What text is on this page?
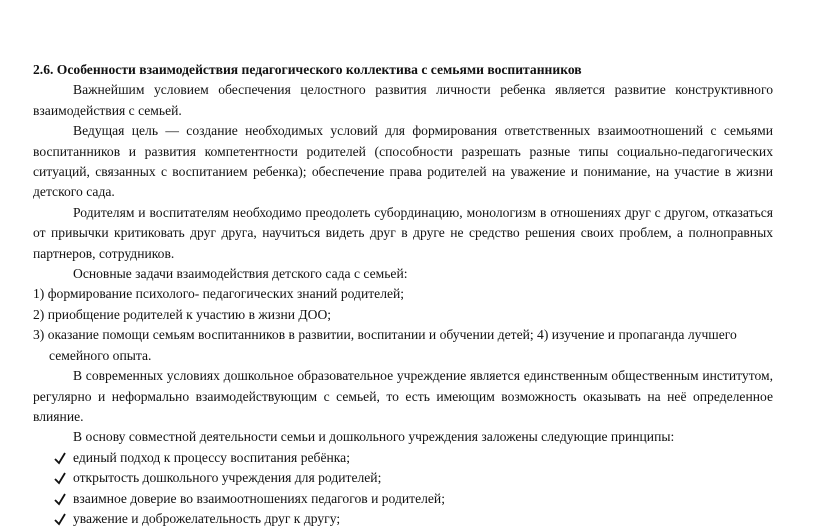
2.6. Особенности взаимодействия педагогического коллектива с семьями воспитанников

Важнейшим условием обеспечения целостного развития личности ребенка является развитие конструктивного взаимодействия с семьей.

Ведущая цель — создание необходимых условий для формирования ответственных взаимоотношений с семьями воспитанников и развития компетентности родителей (способности разрешать разные типы социально-педагогических ситуаций, связанных с воспитанием ребенка); обеспечение права родителей на уважение и понимание, на участие в жизни детского сада.

Родителям и воспитателям необходимо преодолеть субординацию, монологизм в отношениях друг с другом, отказаться от привычки критиковать друг друга, научиться видеть друг в друге не средство решения своих проблем, а полноправных партнеров, сотрудников.

Основные задачи взаимодействия детского сада с семьей:

1) формирование психолого- педагогических знаний родителей;
2) приобщение родителей к участию в жизни ДОО;
3) оказание помощи семьям воспитанников в развитии, воспитании и обучении детей; 4) изучение и пропаганда лучшего семейного опыта.

В современных условиях дошкольное образовательное учреждение является единственным общественным институтом, регулярно и неформально взаимодействующим с семьей, то есть имеющим возможность оказывать на неё определенное влияние.

В основу совместной деятельности семьи и дошкольного учреждения заложены следующие принципы:

единый подход к процессу воспитания ребёнка;
открытость дошкольного учреждения для родителей;
взаимное доверие во взаимоотношениях педагогов и родителей;
уважение и доброжелательность друг к другу;
